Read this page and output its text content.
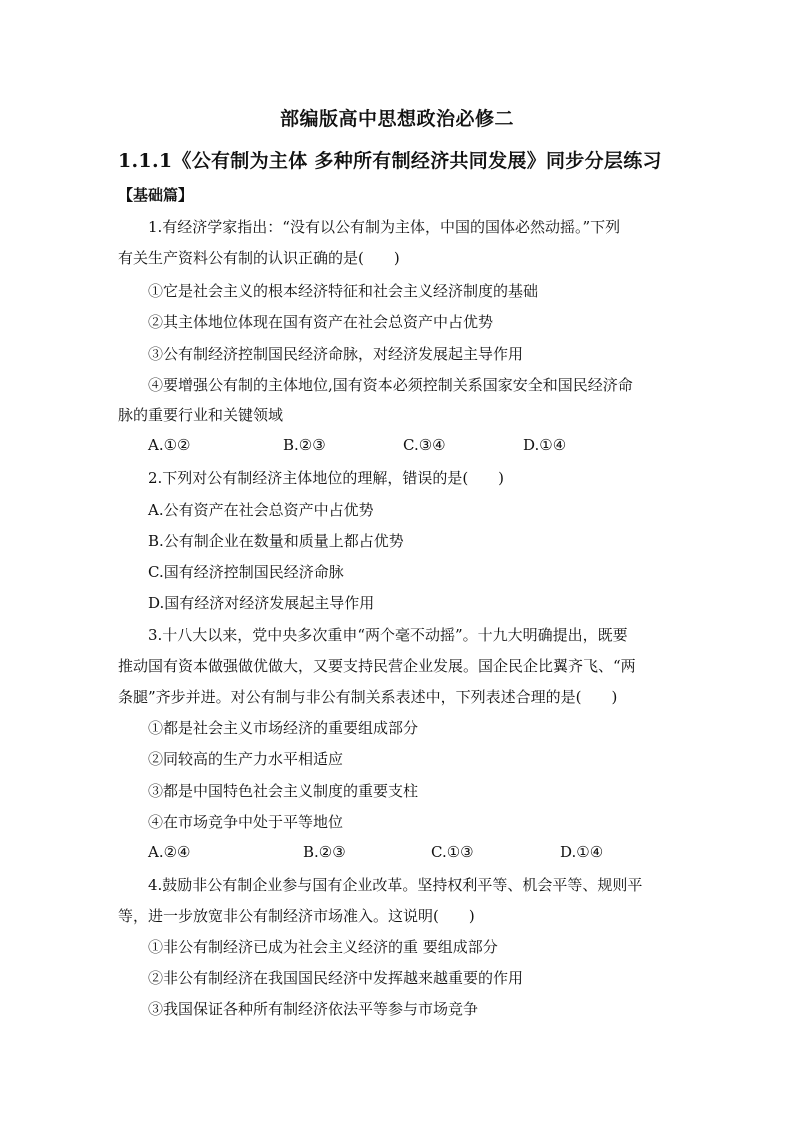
部编版高中思想政治必修二
1.1.1《公有制为主体 多种所有制经济共同发展》同步分层练习
【基础篇】
1.有经济学家指出：“没有以公有制为主体，中国的国体必然动摇。”下列
有关生产资料公有制的认识正确的是(　　)
①它是社会主义的根本经济特征和社会主义经济制度的基础
②其主体地位体现在国有资产在社会总资产中占优势
③公有制经济控制国民经济命脉，对经济发展起主导作用
④要增强公有制的主体地位,国有资本必须控制关系国家安全和国民经济命
脉的重要行业和关键领域
A.①②	B.②③	C.③④	D.①④
2.下列对公有制经济主体地位的理解，错误的是(　　)
A.公有资产在社会总资产中占优势
B.公有制企业在数量和质量上都占优势
C.国有经济控制国民经济命脉
D.国有经济对经济发展起主导作用
3.十八大以来，党中央多次重申“两个毫不动摇”。十九大明确提出，既要
推动国有资本做强做优做大，又要支持民营企业发展。国企民企比翼齐飞、“两
条腿”齐步并进。对公有制与非公有制关系表述中，下列表述合理的是(　　)
①都是社会主义市场经济的重要组成部分
②同较高的生产力水平相适应
③都是中国特色社会主义制度的重要支柱
④在市场竞争中处于平等地位
A.②④	B.②③	C.①③	D.①④
4.鼓励非公有制企业参与国有企业改革。坚持权利平等、机会平等、规则平
等，进一步放宽非公有制经济市场准入。这说明(　　)
①非公有制经济已成为社会主义经济的重 要组成部分
②非公有制经济在我国国民经济中发挥越来越重要的作用
③我国保证各种所有制经济依法平等参与市场竞争
